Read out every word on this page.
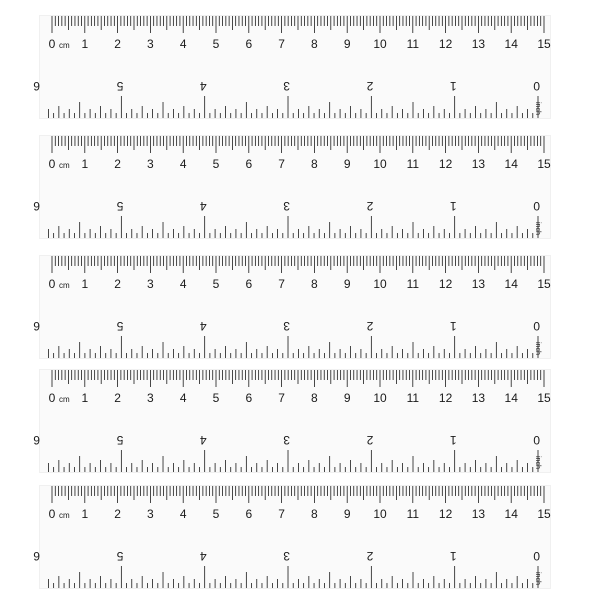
0 1 2 3 4 5 6 7 8 9 10 11 12 13 14 15
cm
0
1
2
3
4
5
6
inch
0 1 2 3 4 5 6 7 8 9 10 11 12 13 14 15
cm
0
1
2
3
4
5
6
inch
0 1 2 3 4 5 6 7 8 9 10 11 12 13 14 15
cm
0
1
2
3
4
5
6
inch
0 1 2 3 4 5 6 7 8 9 10 11 12 13 14 15
cm
0
1
2
3
4
5
6
inch
0 1 2 3 4 5 6 7 8 9 10 11 12 13 14 15
cm
0
1
2
3
4
5
6
inch
